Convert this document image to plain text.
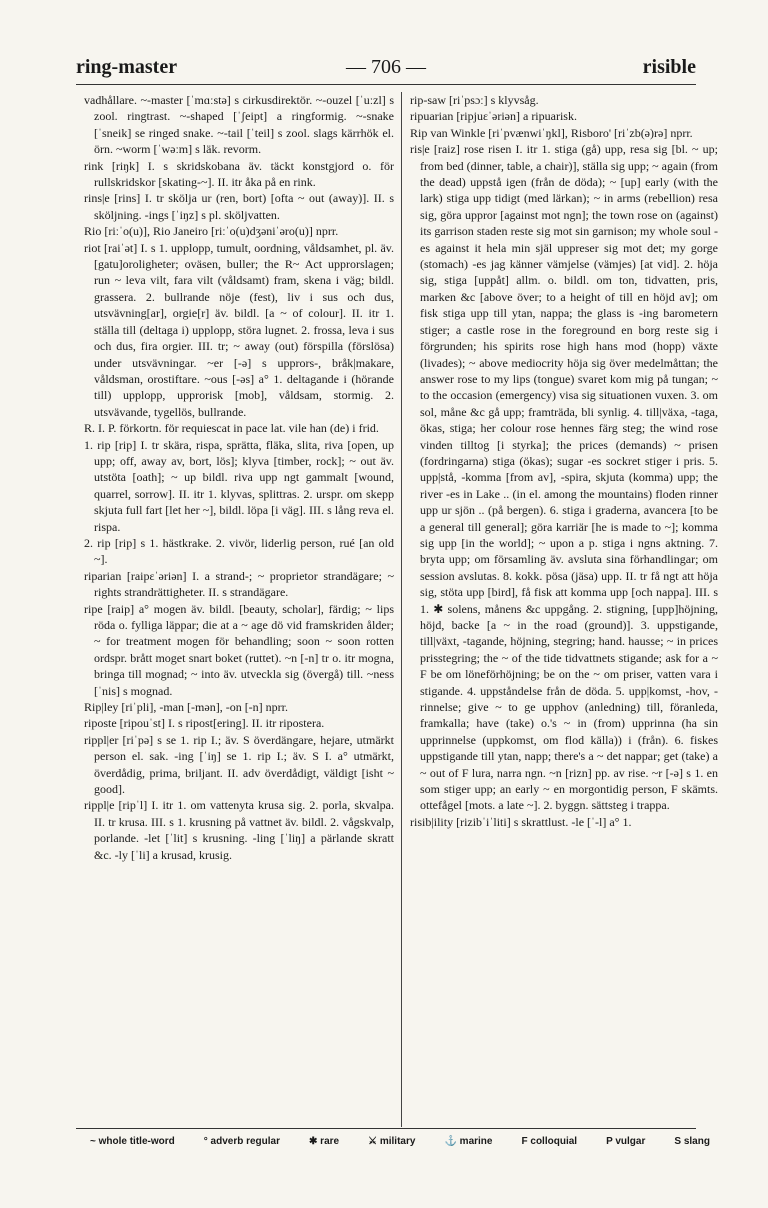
ring-master	— 706 —	risible

vadhållare. ~-master [ˈmɑːstə] s cirkusdirektör. ~-ouzel [ˈuːzl] s zool. ringtrast. ~-shaped [ˈʃeipt] a ringformig. ~-snake [ˈsneik] se ringed snake. ~-tail [ˈteil] s zool. slags kärrhök el. örn. ~worm [ˈwəːm] s läk. revorm.

rink [riŋk] I. s skridskobana äv. täckt konstgjord o. för rullskridskor [skating-~]. II. itr åka på en rink.

rins|e [rins] I. tr skölja ur (ren, bort) [ofta ~ out (away)]. II. s sköljning. -ings [ˈiŋz] s pl. sköljvatten.

Rio [riːˈo(u)], Rio Janeiro [riːˈo(u)dʒəniˈəro(u)] nprr.

riot [raiˈət] I. s 1. upplopp, tumult, oordning, våldsamhet, pl. äv. [gatu]oroligheter; oväsen, buller; the R~ Act upprorslagen; run ~ leva vilt, fara vilt (våldsamt) fram, skena i väg; bildl. grassera. 2. bullrande nöje (fest), liv i sus och dus, utsvävning[ar], orgie[r] äv. bildl. [a ~ of colour]. II. itr 1. ställa till (deltaga i) upplopp, störa lugnet. 2. frossa, leva i sus och dus, fira orgier. III. tr; ~ away (out) förspilla (förslösa) under utsvävningar. ~er [-ə] s upprors-, bråk|makare, våldsman, orostiftare. ~ous [-əs] a° 1. deltagande i (hörande till) upplopp, upprorisk [mob], våldsam, stormig. 2. utsvävande, tygellös, bullrande.

R. I. P. förkortn. för requiescat in pace lat. vile han (de) i frid.

1. rip [rip] I. tr skära, rispa, sprätta, fläka, slita, riva [open, up upp; off, away av, bort, lös]; klyva [timber, rock]; ~ out äv. utstöta [oath]; ~ up bildl. riva upp ngt gammalt [wound, quarrel, sorrow]. II. itr 1. klyvas, splittras. 2. urspr. om skepp skjuta full fart [let her ~], bildl. löpa [i väg]. III. s lång reva el. rispa.

2. rip [rip] s 1. hästkrake. 2. vivör, liderlig person, rué [an old ~].

riparian [raipɛˈəriən] I. a strand-; ~ proprietor strandägare; ~ rights strandrättigheter. II. s strandägare.

ripe [raip] a° mogen äv. bildl. [beauty, scholar], färdig; ~ lips röda o. fylliga läppar; die at a ~ age dö vid framskriden ålder; ~ for treatment mogen för behandling; soon ~ soon rotten ordspr. brått moget snart boket (ruttet). ~n [-n] tr o. itr mogna, bringa till mognad; ~ into äv. utveckla sig (övergå) till. ~ness [ˈnis] s mognad.

Rip|ley [riˈpli], -man [-mən], -on [-n] nprr.

riposte [ripouˈst] I. s ripost[ering]. II. itr ripostera.

rippl|er [riˈpə] s se 1. rip I.; äv. S överdängare, hejare, utmärkt person el. sak. -ing [ˈiŋ] se 1. rip I.; äv. S I. a° utmärkt, överdådig, prima, briljant. II. adv överdådigt, väldigt [isht ~ good].

rippl|e [ripˈl] I. itr 1. om vattenyta krusa sig. 2. porla, skvalpa. II. tr krusa. III. s 1. krusning på vattnet äv. bildl. 2. vågskvalp, porlande. -let [ˈlit] s krusning. -ling [ˈliŋ] a pärlande skratt &c. -ly [ˈli] a krusad, krusig.

rip-saw [riˈpsɔː] s klyvsåg.

ripuarian [ripjuɛˈəriən] a ripuarisk.

Rip van Winkle [riˈpvænwiˈŋkl], Risboro' [riˈzb(ə)rə] nprr.

ris|e [raiz] rose risen I. itr 1. stiga (gå) upp, resa sig [bl. ~ up; from bed (dinner, table, a chair)], ställa sig upp; ~ again (from the dead) uppstå igen (från de döda); ~ [up] early (with the lark) stiga upp tidigt (med lärkan); ~ in arms (rebellion) resa sig, göra uppror [against mot ngn]; the town rose on (against) its garrison staden reste sig mot sin garnison; my whole soul -es against it hela min själ uppreser sig mot det; my gorge (stomach) -es jag känner vämjelse (vämjes) [at vid]. 2. höja sig, stiga [uppåt] allm. o. bildl. om ton, tidvatten, pris, marken &c [above över; to a height of till en höjd av]; om fisk stiga upp till ytan, nappa; the glass is -ing barometern stiger; a castle rose in the foreground en borg reste sig i förgrunden; his spirits rose high hans mod (hopp) växte (livades); ~ above mediocrity höja sig över medelmåttan; the answer rose to my lips (tongue) svaret kom mig på tungan; ~ to the occasion (emergency) visa sig situationen vuxen. 3. om sol, måne &c gå upp; framträda, bli synlig. 4. till|växa, -taga, ökas, stiga; her colour rose hennes färg steg; the wind rose vinden tilltog [i styrka]; the prices (demands) ~ prisen (fordringarna) stiga (ökas); sugar -es sockret stiger i pris. 5. upp|stå, -komma [from av], -spira, skjuta (komma) upp; the river -es in Lake .. (in el. among the mountains) floden rinner upp ur sjön .. (på bergen). 6. stiga i graderna, avancera [to be a general till general]; göra karriär [he is made to ~]; komma sig upp [in the world]; ~ upon a p. stiga i ngns aktning. 7. bryta upp; om församling äv. avsluta sina förhandlingar; om session avslutas. 8. kokk. pösa (jäsa) upp. II. tr få ngt att höja sig, stöta upp [bird], få fisk att komma upp [och nappa]. III. s 1. ✱ solens, månens &c uppgång. 2. stigning, [upp]höjning, höjd, backe [a ~ in the road (ground)]. 3. uppstigande, till|växt, -tagande, höjning, stegring; hand. hausse; ~ in prices prisstegring; the ~ of the tide tidvattnets stigande; ask for a ~ F be om löneförhöjning; be on the ~ om priser, vatten vara i stigande. 4. uppståndelse från de döda. 5. upp|komst, -hov, -rinnelse; give ~ to ge upphov (anledning) till, föranleda, framkalla; have (take) o.'s ~ in (from) upprinna (ha sin upprinnelse (uppkomst, om flod källa)) i (från). 6. fiskes uppstigande till ytan, napp; there's a ~ det nappar; get (take) a ~ out of F lura, narra ngn. ~n [rizn] pp. av rise. ~r [-ə] s 1. en som stiger upp; an early ~ en morgontidig person, F skämts. ottefågel [mots. a late ~]. 2. byggn. sättsteg i trappa.

risib|ility [rizibˈiˈliti] s skrattlust. -le [ˈ-l] a° 1.

~ whole title-word	° adverb regular	✱ rare	⚔ military	⚓ marine	F colloquial	P vulgar	S slang
